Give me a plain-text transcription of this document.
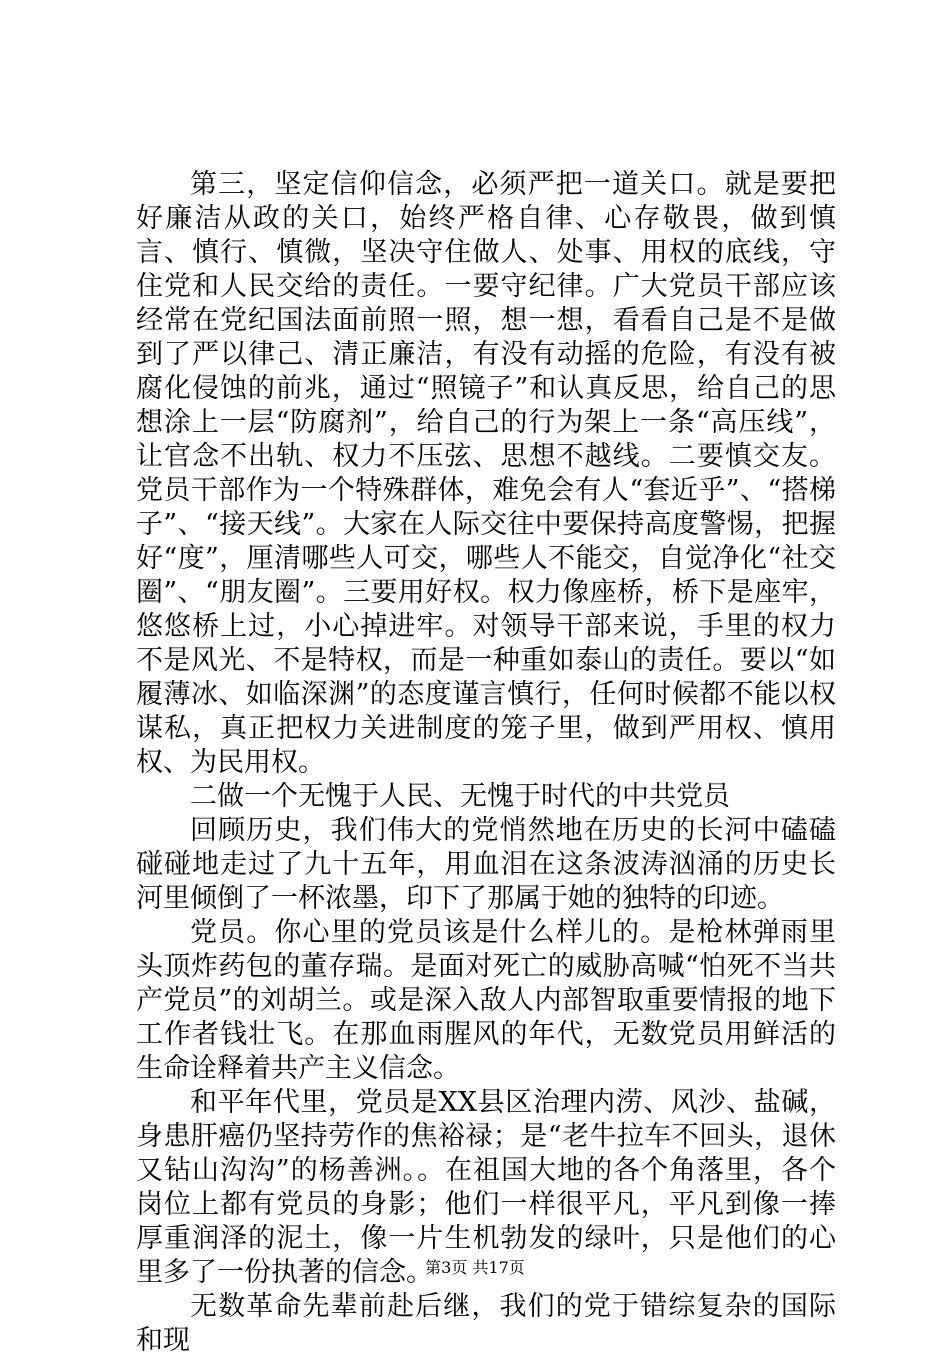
第三，坚定信仰信念，必须严把一道关口。就是要把好廉洁从政的关口，始终严格自律、心存敬畏，做到慎言、慎行、慎微，坚决守住做人、处事、用权的底线，守住党和人民交给的责任。一要守纪律。广大党员干部应该经常在党纪国法面前照一照，想一想，看看自己是不是做到了严以律己、清正廉洁，有没有动摇的危险，有没有被腐化侵蚀的前兆，通过“照镜子”和认真反思，给自己的思想涂上一层“防腐剂”，给自己的行为架上一条“高压线”，让官念不出轨、权力不压弦、思想不越线。二要慎交友。党员干部作为一个特殊群体，难免会有人“套近乎”、“搭梯子”、“接天线”。大家在人际交往中要保持高度警惕，把握好“度”，厘清哪些人可交，哪些人不能交，自觉净化“社交圈”、“朋友圈”。三要用好权。权力像座桥，桥下是座牢，悠悠桥上过，小心掉进牢。对领导干部来说，手里的权力不是风光、不是特权，而是一种重如泰山的责任。要以“如履薄冰、如临深渊”的态度谨言慎行，任何时候都不能以权谋私，真正把权力关进制度的笼子里，做到严用权、慎用权、为民用权。

二做一个无愧于人民、无愧于时代的中共党员

回顾历史，我们伟大的党悄然地在历史的长河中磕磕碰碰地走过了九十五年，用血泪在这条波涛汹涌的历史长河里倾倒了一杯浓墨，印下了那属于她的独特的印迹。

党员。你心里的党员该是什么样儿的。是枪林弹雨里头顶炸药包的董存瑞。是面对死亡的威胁高喊“怕死不当共产党员”的刘胡兰。或是深入敌人内部智取重要情报的地下工作者钱壮飞。在那血雨腥风的年代，无数党员用鲜活的生命诠释着共产主义信念。

和平年代里，党员是XX县区治理内涝、风沙、盐碱，身患肝癌仍坚持劳作的焦裕禄；是“老牛拉车不回头，退休又钻山沟沟”的杨善洲。。在祖国大地的各个角落里，各个岗位上都有党员的身影；他们一样很平凡，平凡到像一捧厚重润泽的泥土，像一片生机勃发的绿叶，只是他们的心里多了一份执著的信念。

无数革命先辈前赴后继，我们的党于错综复杂的国际和现

第3页 共17页
